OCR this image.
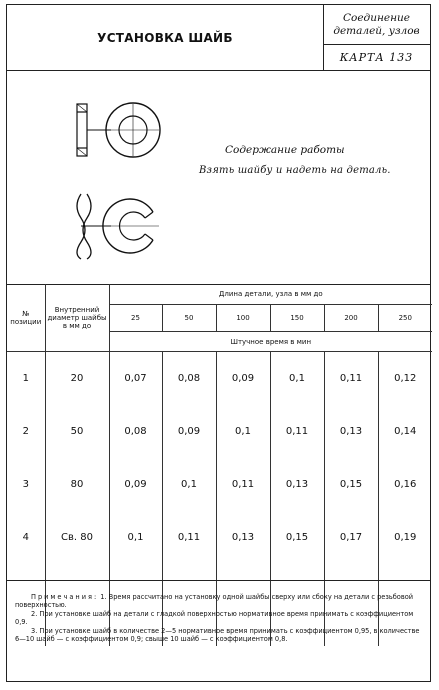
УСТАНОВКА ШАЙБ
Соединение
деталей, узлов
КАРТА 133
Содержание работы
Взять шайбу и надеть на деталь.
№ позиции	Внутренний диаметр шайбы в мм до	Длина детали, узла в мм до					
		25	50	100	150	200	250
		Штучное время в мин					
1	20	0,07	0,08	0,09	0,1	0,11	0,12
2	50	0,08	0,09	0,1	0,11	0,13	0,14
3	80	0,09	0,1	0,11	0,13	0,15	0,16
4	Св. 80	0,1	0,11	0,13	0,15	0,17	0,19

Примечания: 1. Время рассчитано на установку одной шайбы сверху или сбоку на детали с резьбовой поверхностью.

2. При установке шайб на детали с гладкой поверхностью нормативное время принимать с коэффициентом 0,9.

3. При установке шайб в количестве 2—5 нормативное время принимать с коэффициентом 0,95, в количестве 6—10 шайб — с коэффициентом 0,9; свыше 10 шайб — с коэффициентом 0,8.
